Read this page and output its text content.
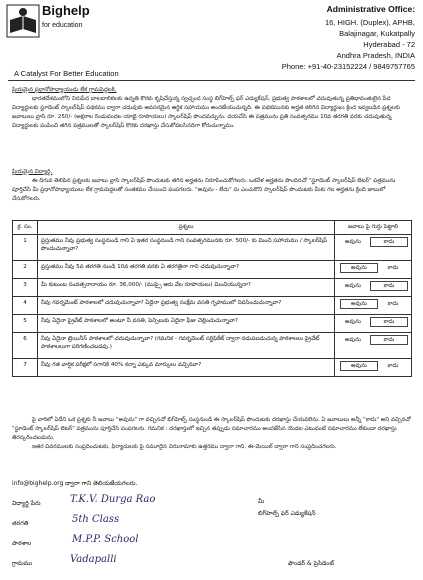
Bighelp
for education
A Catalyst For Better Education
Administrative Office:
16, HIGH. (Duplex), APHB,
Balajinagar, Kukatpally
Hyderabad - 72
Andhra Pradesh, INDIA
Phone: +91-40-23152224 / 9849757765

ప్రియమైన ప్రధానోపాధ్యాయుడు లేక గ్రామపెద్దలకి,

భారతదేశములోని నిరుపేద బాలబాలికలకు ఉన్నతి కొరకు కృషిచేస్తున్న స్వచ్ఛంద సంస్థ బిగ్‌హెల్ప్ ఫర్ ఎడ్యుకేషన్, ప్రభుత్వ పాఠశాలలో చదువుతున్న ప్రతిభావంతులైన పేద విద్యార్థులకు స్టూడెంట్ స్కాలర్‌షిప్ పథకము ద్వారా చదువుకు అవసరమైన ఆర్థిక సహాయము అందజేయుచున్నది. ఈ పథకమునకు అర్హత కలిగిన విద్యార్థులు క్రింద ఇవ్వబడిన ప్రశ్నలకు జవాబులు వ్రాసి రూ. 250/- (అక్షరాల రెండువందల యాభై రూపాయలు) స్కాలర్‌షిప్ పొందవచ్చును. దయచేసి ఈ పత్రమును ప్రతి సంవత్సరము 10వ తరగతి వరకు చదువుతున్న విద్యార్థులకు పంపించి తగిన పత్రములతో స్కాలర్‌షిప్ కొరకు దరఖాస్తు చేసుకోవలసినదిగా కోరుచున్నాము.

ప్రియమైన విద్యార్థి,

ఈ దిగువ తెలిపిన ప్రశ్నలకు జవాబు వ్రాసి స్కాలర్‌షిప్ పొందుటకు తగిన అర్హతను నిరూపించుకోగలరు. ఒకవేళ అర్హతను పొందినచో "స్టూడెంట్ స్కాలర్‌షిప్ లెటర్" పత్రమును పూర్తిచేసి మీ ప్రధానోపాధ్యాయులు లేక గ్రామపెద్దలతో సంతకము చేయించి పంపగలరు. "అవును - లేదు" ను ఎంచుకొని స్కాలర్‌షిప్ పొందుటకు మీకు గల అర్హతను క్రింది జాబులో చేసుకోగలరు.

క్ర. సం.	ప్రశ్నలు	జవాబు పై గుర్తు పెట్టాలి
1	ప్రస్తుతము నీవు ప్రభుత్వ సంస్థనుండి గాని ఏ ఇతర సంస్థనుండి గాని సంవత్సరమునకు రూ. 500/- కు మించి సహాయము / స్కాలర్‌షిప్ పొందుచున్నావా?	అవును కాదు
2	ప్రస్తుతము నీవు 5వ తరగతి నుండి 10వ తరగతి వరకు ఏ తరగతైనా గాని చదువుచున్నావా?	అవును కాదు
3	మీ కుటుంబ సంవత్సరాదాయం రూ. 36,000/- (ముప్పై ఆరు వేల రూపాయలు) మించియున్నదా?	అవును కాదు
4	నీవు గవర్నమెంట్ పాఠశాలలో చదువుచున్నావా? ఏదైనా ప్రభుత్వ సంక్షేమ వసతి గృహములో నివసించుచున్నావా?	అవును కాదు
5	నీవు ఏదైనా ప్రైవేట్ పాఠశాలలో అంటూ నీ వసతి, పెన్సిలుకు ఏదైనా ఫీజు చెల్లించుచున్నావా?	అవును కాదు
6	నీవు ఏదైనా ట్రెయినీస్ పాఠశాలలో చదువుచున్నావా? (గమనిక - గవర్నమెంట్ సర్టిఫికేట్ ద్వారా నడుపబడుచున్న పాఠశాలలు ప్రైవేట్ పాఠశాలలుగా పరిగణించబడవు.)	అవును కాదు
7	నీవు గత వార్షిక పరీక్షలో సగానికి 40% కన్నా ఎక్కువ మార్కులు వచ్చినవా?	అవును కాదు

పై వారిలో ఏదేని ఒక ప్రశ్నకు నీ జవాబు "అవును" గా వచ్చినచో బిగ్‌హెల్ప్ సంస్థనుండి ఈ స్కాలర్‌షిప్ పొందుటకు దరఖాస్తు చేయవలెను. ఏ జవాబులు అన్నీ "కాదు" అని వచ్చినచో "స్టూడెంట్ స్కాలర్‌షిప్ లెటర్" పత్రమును పూర్తిచేసి పంపగలరు. గమనిక : దరఖాస్తులో ఇచ్చిన తప్పుడు సమాచారము అందజేసిన యెడల ఎటువంటి సమాచారము లేకుండా దరఖాస్తు తిరస్కరించబడును.

ఇతర వివరములకు సంప్రదించుటకు, ఫిర్యాదులకు పై నమూదైన చిరునామాకు ఉత్తరము ద్వారా గాని, ఈ-మెయిల్ ద్వారా గాని సంప్రదించగలరు.

info@bighelp.org ద్వారా గాని తెలియజేయగలరు.
విద్యార్థి పేరు	T.K.V. Durga Rao
తరగతి	5th Class
పాఠశాల	M.P.P. School
గ్రామము	Vadapalli
మీ
బిగ్‌హెల్ప్ ఫర్ ఎడ్యుకేషన్
ఫౌండర్ & ప్రెసిడెంట్
